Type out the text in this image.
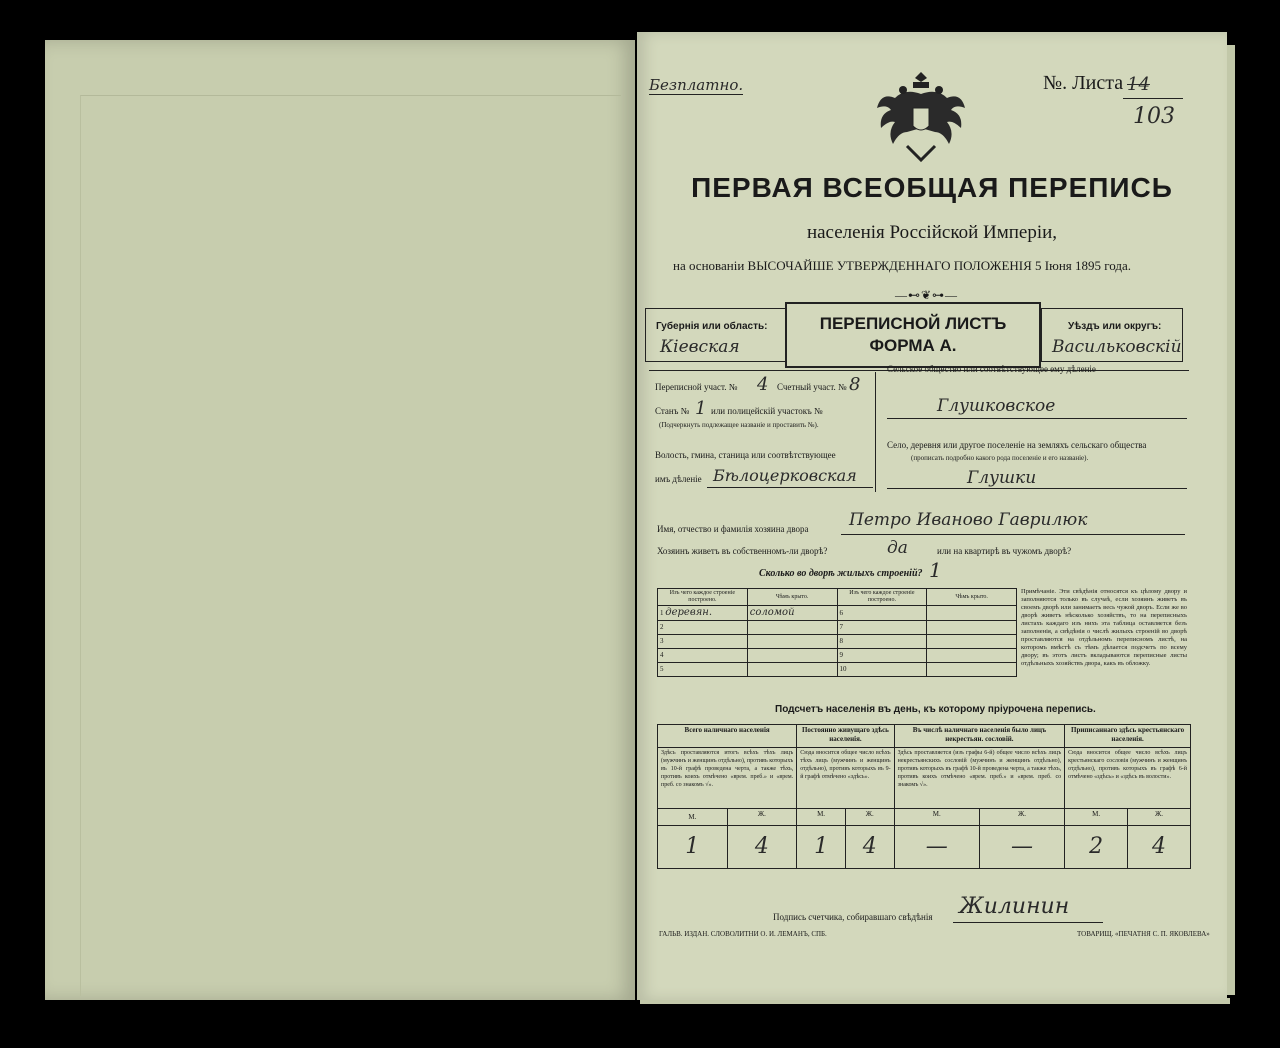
Безплатно.	№. Листа 14
103
ПЕРВАЯ ВСЕОБЩАЯ ПЕРЕПИСЬ
населенія Россійской Имперіи,
на основаніи ВЫСОЧАЙШЕ УТВЕРЖДЕННАГО ПОЛОЖЕНІЯ 5 Іюня 1895 года.
—⊷❦⊶—
Губернія или область:
Кіевская
ПЕРЕПИСНОЙ ЛИСТЪ
ФОРМА А.
Уѣздъ или округъ:
Васильковскій
Переписной участ. № 4 Счетный участ. № 8
Станъ № 1 или полицейскій участокъ №
(Подчеркнуть подлежащее названіе и проставить №).
Волость, гмина, станица или соотвѣтствующее
имъ дѣленіе Бѣлоцерковская
Сельское общество или соотвѣтствующее ему дѣленіе
Глушковское
Село, деревня или другое поселеніе на земляхъ сельскаго общества
(прописать подробно какого рода поселеніе и его названіе).
Глушки
Имя, отчество и фамилія хозяина двора Петро Иваново Гаврилюк
Хозяинъ живетъ въ собственномъ-ли дворѣ?	да	или на квартирѣ въ чужомъ дворѣ?
Сколько во дворѣ жилыхъ строеній? 1
Изъ чего каждое строеніе построено.	Чѣмъ крыто.	Изъ чего каждое строеніе построено.	Чѣмъ крыто.
1 деревян.	соломой	6	
2		7	
3		8	
4		9	
5		10	
Примѣчаніе. Эти свѣдѣнія относятся къ цѣлому двору и заполняются только въ случаѣ, если хозяинъ живетъ въ своемъ дворѣ или занимаетъ весь чужой дворъ. Если же во дворѣ живетъ нѣсколько хозяйствъ, то на переписныхъ листахъ каждаго изъ нихъ эта таблица оставляется безъ заполненія, а свѣдѣнія о числѣ жилыхъ строеній во дворѣ проставляются на отдѣльномъ переписномъ листѣ, на которомъ вмѣстѣ съ тѣмъ дѣлается подсчетъ по всему двору; въ этотъ листъ вкладываются переписные листы отдѣльныхъ хозяйствъ двора, какъ въ обложку.
Подсчетъ населенія въ день, къ которому пріурочена перепись.
Всего наличнаго населенія		Постоянно живущаго здѣсь населенія.		Въ числѣ наличнаго населенія было лицъ некрестьян. сословій.		Приписаннаго здѣсь крестьянскаго населенія.	
Здѣсь проставляются итогъ всѣхъ тѣхъ лицъ (мужчинъ и женщинъ отдѣльно), противъ которыхъ въ 10-й графѣ проведена черта, а также тѣхъ, противъ коихъ отмѣчено «врем. преб.» и «врем. преб. со знакомъ √».		Сюда вносится общее число всѣхъ тѣхъ лицъ (мужчинъ и женщинъ отдѣльно), противъ которыхъ въ 9-й графѣ отмѣчено «здѣсь».		Здѣсь проставляется (изъ графы 6-й) общее число всѣхъ лицъ некрестьянскихъ сословій (мужчинъ и женщинъ отдѣльно), противъ которыхъ въ графѣ 10-й проведена черта, а также тѣхъ, противъ коихъ отмѣчено «врем. преб.» и «врем. преб. со знакомъ √».		Сюда вносится общее число всѣхъ лицъ крестьянскаго сословія (мужчинъ и женщинъ отдѣльно), противъ которыхъ въ графѣ 6-й отмѣчено «здѣсь» и «здѣсь въ волости».	
М.	Ж.	М.	Ж.	М.	Ж.	М.	Ж.
1	4	1	4	—	—	2	4
Подпись счетчика, собиравшаго свѣдѣнія Жилинин
ГАЛЬВ. ИЗДАН. СЛОВОЛИТНИ О. И. ЛЕМАНЪ, СПБ.	ТОВАРИЩ. «ПЕЧАТНЯ С. П. ЯКОВЛЕВА»
